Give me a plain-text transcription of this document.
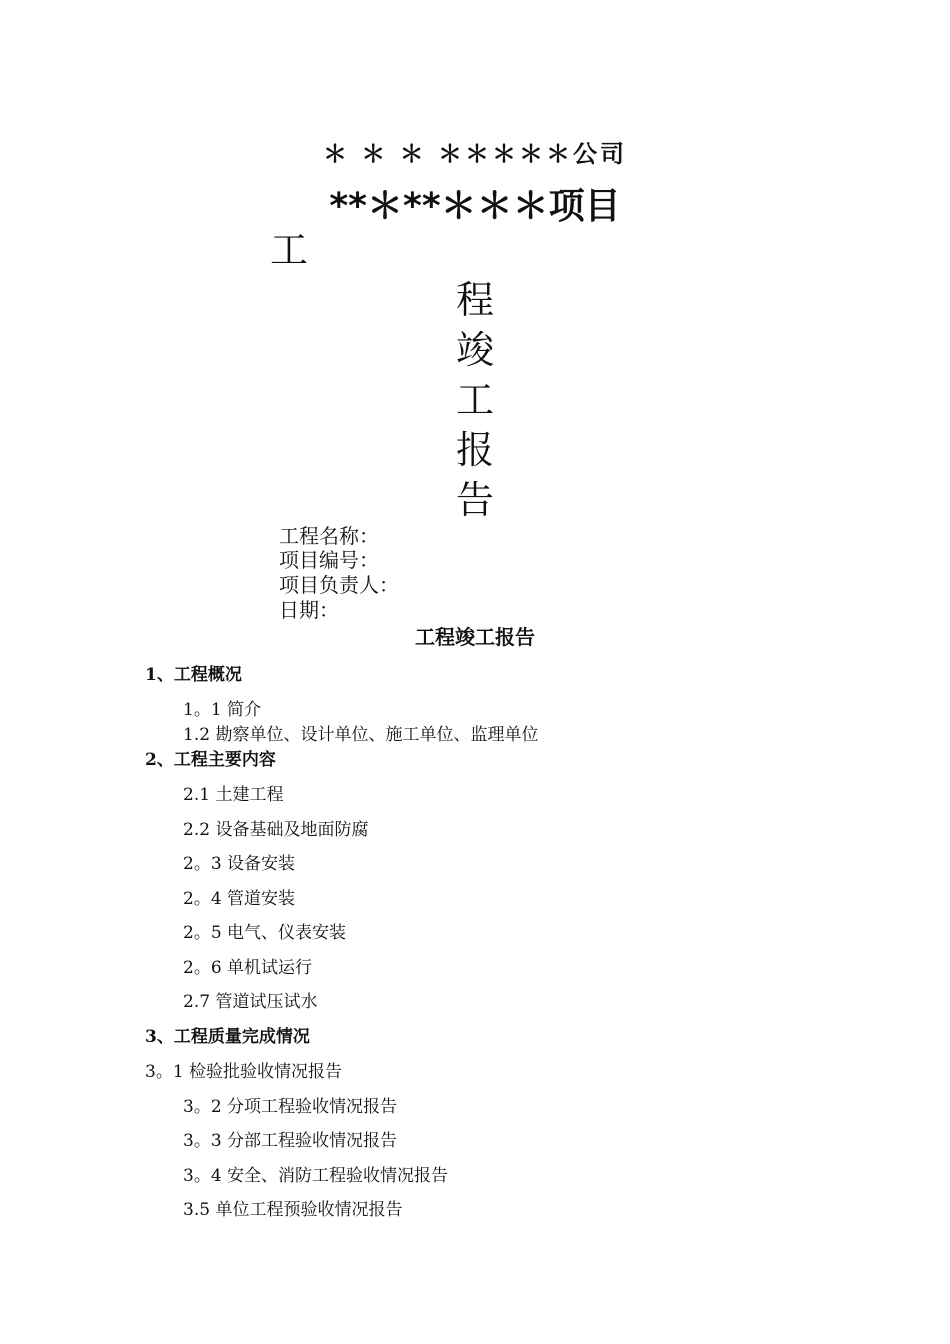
＊ ＊ ＊ ＊＊＊＊＊公司
**＊**＊＊＊项目
工
程
竣
工
报
告
工程名称：
项目编号：
项目负责人：
日期：
工程竣工报告
1、工程概况
1。1 简介
1.2 勘察单位、设计单位、施工单位、监理单位
2、工程主要内容
2.1 土建工程
2.2 设备基础及地面防腐
2。3 设备安装
2。4 管道安装
2。5 电气、仪表安装
2。6 单机试运行
2.7 管道试压试水
3、工程质量完成情况
3。1 检验批验收情况报告
3。2 分项工程验收情况报告
3。3 分部工程验收情况报告
3。4 安全、消防工程验收情况报告
3.5 单位工程预验收情况报告
